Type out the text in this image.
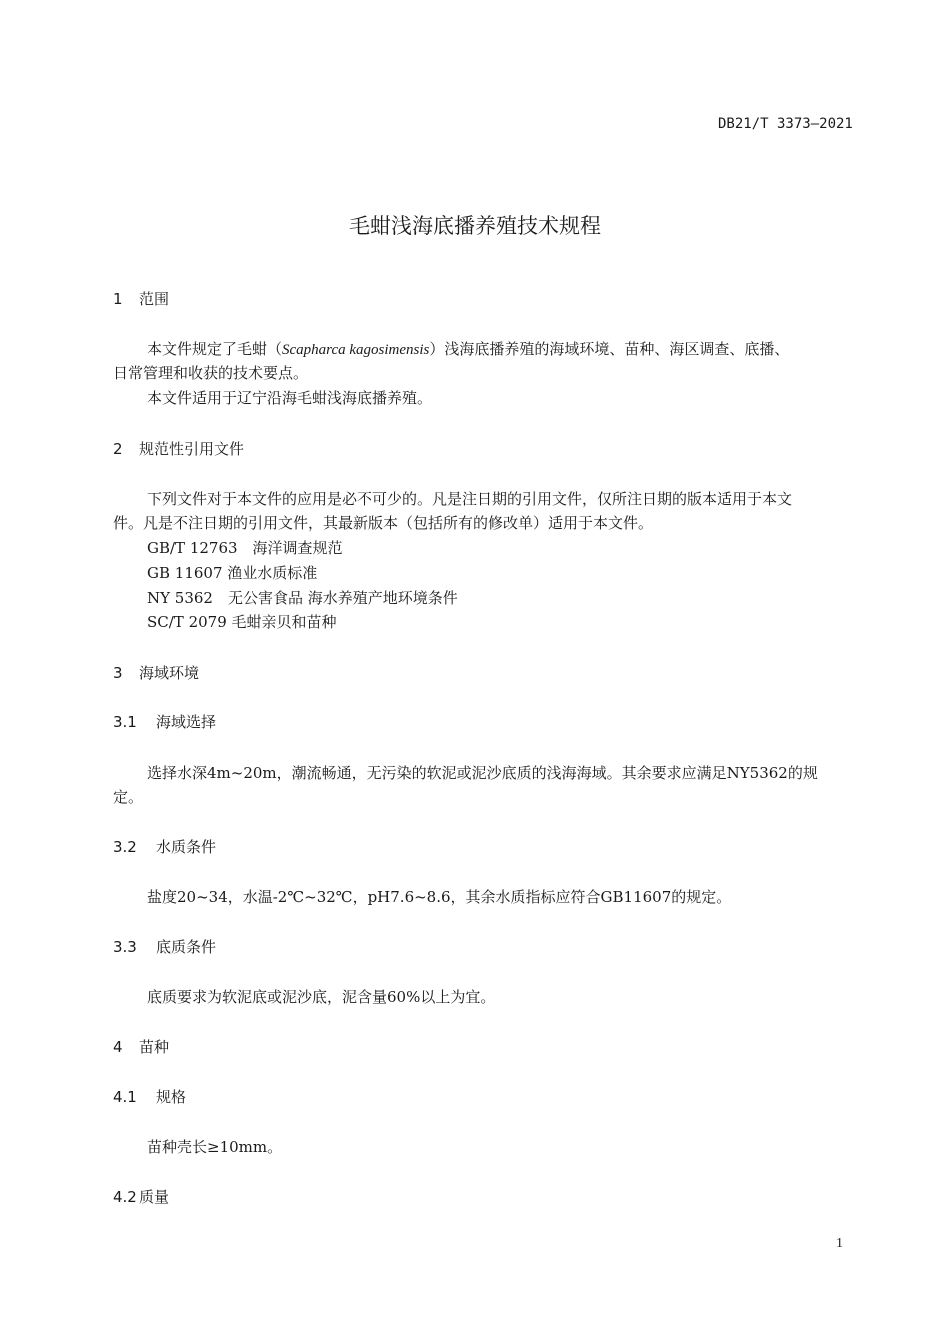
DB21/T 3373—2021
毛蚶浅海底播养殖技术规程
1 范围
本文件规定了毛蚶（Scapharca kagosimensis）浅海底播养殖的海域环境、苗种、海区调查、底播、
日常管理和收获的技术要点。
本文件适用于辽宁沿海毛蚶浅海底播养殖。
2 规范性引用文件
下列文件对于本文件的应用是必不可少的。凡是注日期的引用文件，仅所注日期的版本适用于本文
件。凡是不注日期的引用文件，其最新版本（包括所有的修改单）适用于本文件。
GB/T 12763　海洋调查规范
GB 11607 渔业水质标准
NY 5362　无公害食品 海水养殖产地环境条件
SC/T 2079 毛蚶亲贝和苗种
3 海域环境
3.1 海域选择
选择水深4m~20m，潮流畅通，无污染的软泥或泥沙底质的浅海海域。其余要求应满足NY5362的规
定。
3.2 水质条件
盐度20~34，水温-2℃~32℃，pH7.6~8.6，其余水质指标应符合GB11607的规定。
3.3 底质条件
底质要求为软泥底或泥沙底，泥含量60%以上为宜。
4 苗种
4.1 规格
苗种壳长≥10mm。
4.2 质量
1
